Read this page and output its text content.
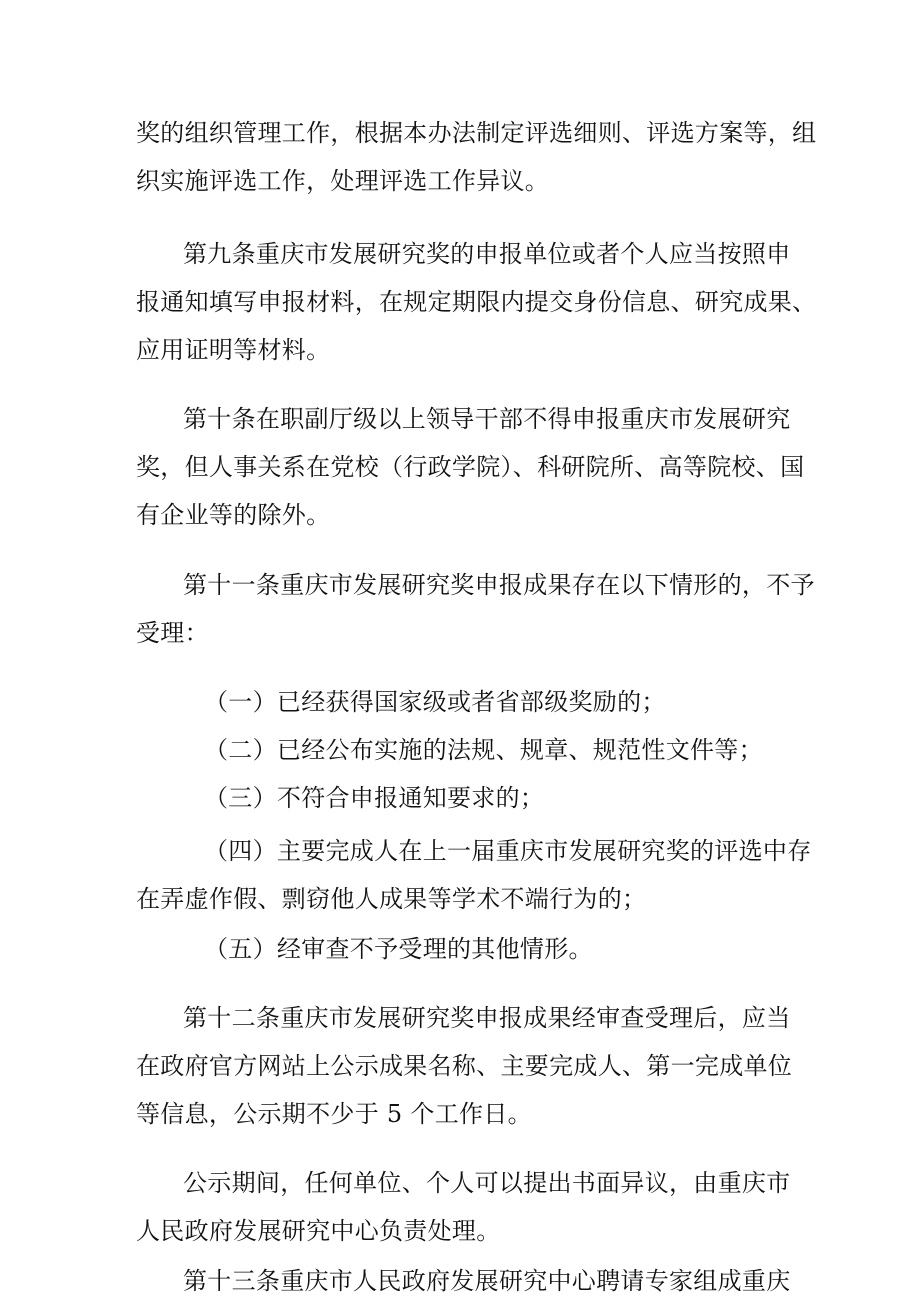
奖的组织管理工作，根据本办法制定评选细则、评选方案等，组
织实施评选工作，处理评选工作异议。
第九条重庆市发展研究奖的申报单位或者个人应当按照申
报通知填写申报材料，在规定期限内提交身份信息、研究成果、
应用证明等材料。
第十条在职副厅级以上领导干部不得申报重庆市发展研究
奖，但人事关系在党校（行政学院）、科研院所、高等院校、国
有企业等的除外。
第十一条重庆市发展研究奖申报成果存在以下情形的，不予
受理：
（一）已经获得国家级或者省部级奖励的；
（二）已经公布实施的法规、规章、规范性文件等；
（三）不符合申报通知要求的；
（四）主要完成人在上一届重庆市发展研究奖的评选中存
在弄虚作假、剽窃他人成果等学术不端行为的；
（五）经审查不予受理的其他情形。
第十二条重庆市发展研究奖申报成果经审查受理后，应当
在政府官方网站上公示成果名称、主要完成人、第一完成单位
等信息，公示期不少于 5 个工作日。
公示期间，任何单位、个人可以提出书面异议，由重庆市
人民政府发展研究中心负责处理。
第十三条重庆市人民政府发展研究中心聘请专家组成重庆
